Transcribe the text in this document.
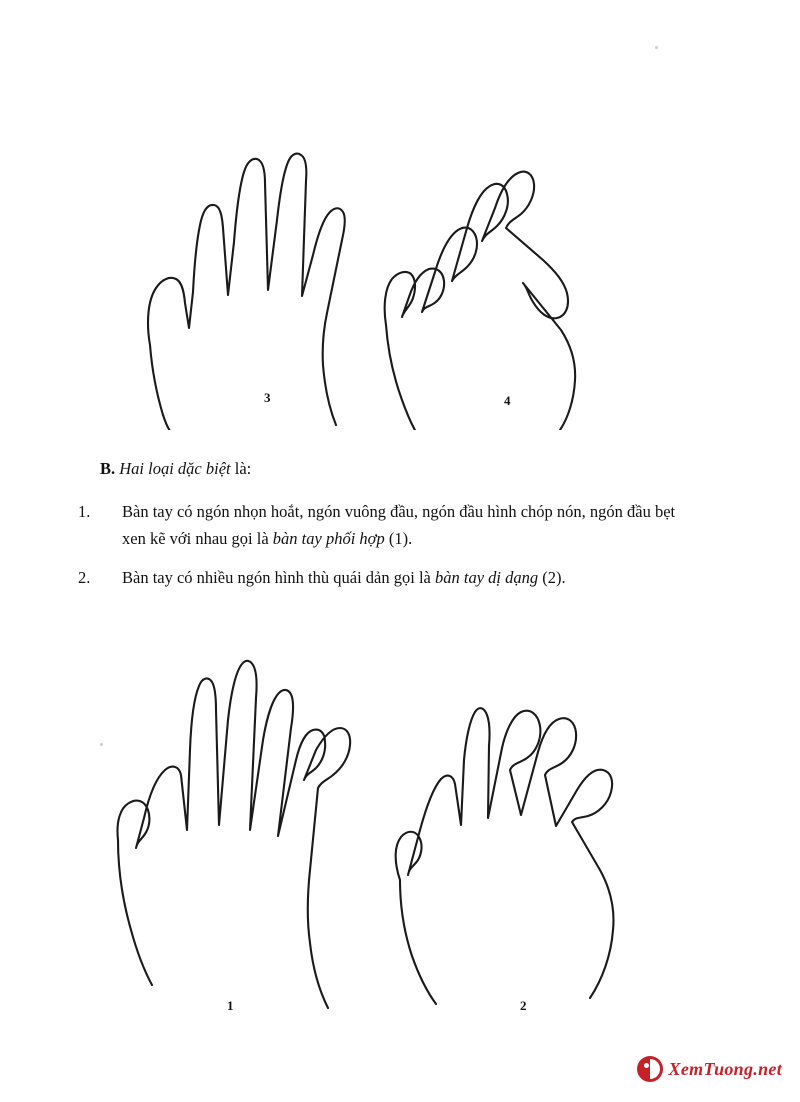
3	4
B. Hai loại dặc biệt là:
1. Bàn tay có ngón nhọn hoắt, ngón vuông đầu, ngón đầu hình chóp nón, ngón đầu bẹt xen kẽ với nhau gọi là bàn tay phối hợp (1).
2. Bàn tay có nhiều ngón hình thù quái dản gọi là bàn tay dị dạng (2).
1	2
XemTuong.net
